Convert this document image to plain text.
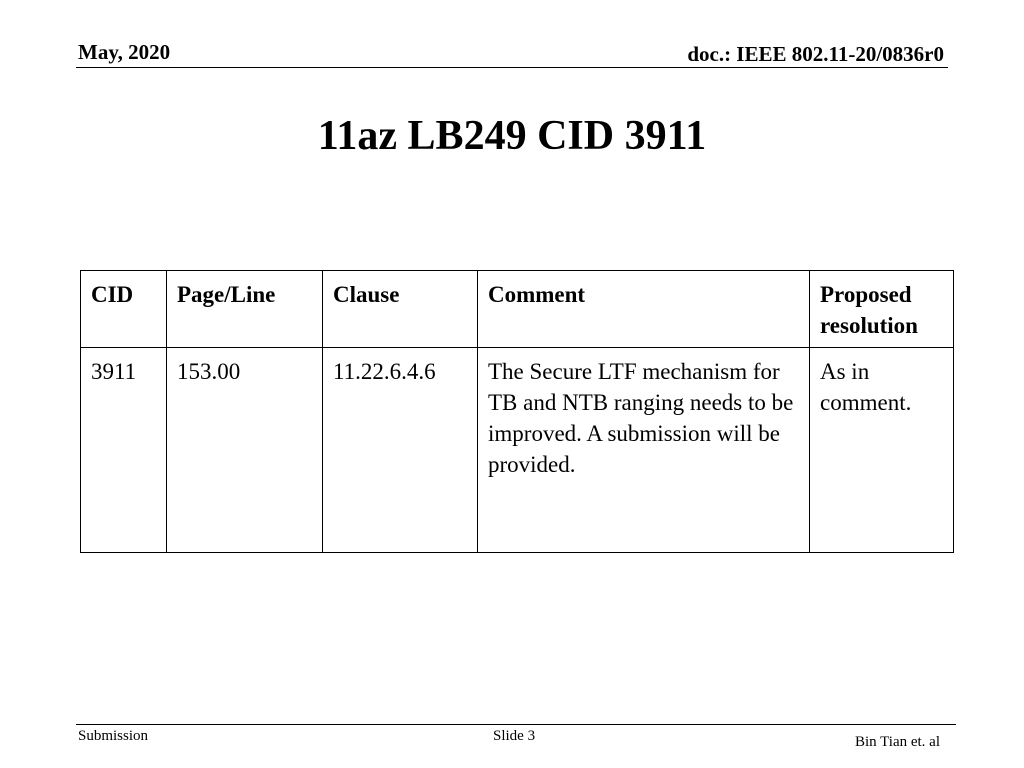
May, 2020	doc.: IEEE 802.11-20/0836r0
11az LB249 CID 3911
CID	Page/Line	Clause	Comment	Proposed resolution
3911	153.00	11.22.6.4.6	The Secure LTF mechanism for TB and NTB ranging needs to be improved. A submission will be provided.	As in comment.
Submission	Slide 3	Bin Tian et. al
